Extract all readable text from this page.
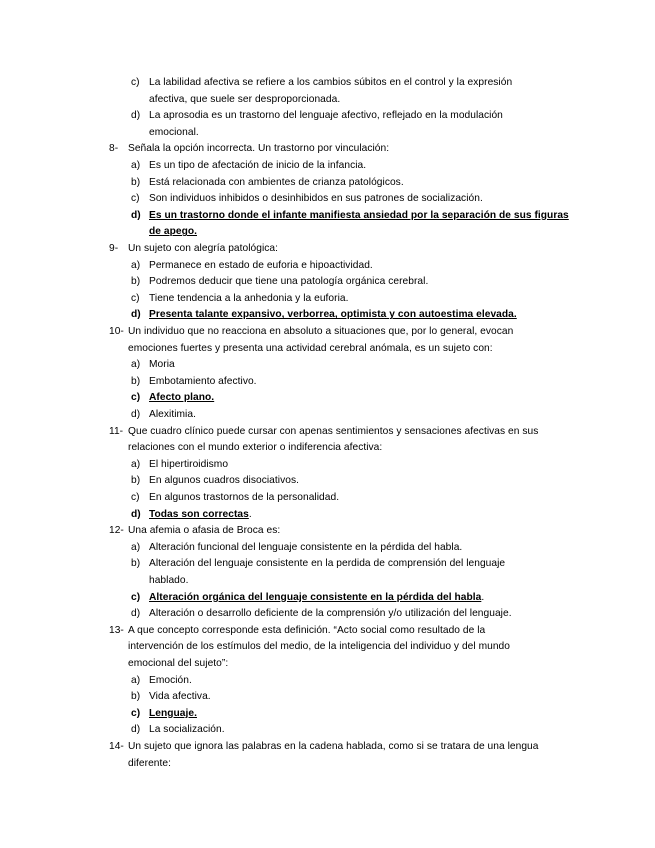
c) La labilidad afectiva se refiere a los cambios súbitos en el control y la expresión
afectiva, que suele ser desproporcionada.
d) La aprosodia es un trastorno del lenguaje afectivo, reflejado en la modulación
emocional.
8- Señala la opción incorrecta. Un trastorno por vinculación:
a) Es un tipo de afectación de inicio de la infancia.
b) Está relacionada con ambientes de crianza patológicos.
c) Son individuos inhibidos o desinhibidos en sus patrones de socialización.
d) Es un trastorno donde el infante manifiesta ansiedad por la separación de sus figuras
de apego.
9- Un sujeto con alegría patológica:
a) Permanece en estado de euforia e hipoactividad.
b) Podremos deducir que tiene una patología orgánica cerebral.
c) Tiene tendencia a la anhedonia y la euforia.
d) Presenta talante expansivo, verborrea, optimista y con autoestima elevada.
10- Un individuo que no reacciona en absoluto a situaciones que, por lo general, evocan
emociones fuertes y presenta una actividad cerebral anómala, es un sujeto con:
a) Moria
b) Embotamiento afectivo.
c) Afecto plano.
d) Alexitimia.
11- Que cuadro clínico puede cursar con apenas sentimientos y sensaciones afectivas en sus
relaciones con el mundo exterior o indiferencia afectiva:
a) El hipertiroidismo
b) En algunos cuadros disociativos.
c) En algunos trastornos de la personalidad.
d) Todas son correctas.
12- Una afemia o afasia de Broca es:
a) Alteración funcional del lenguaje consistente en la pérdida del habla.
b) Alteración del lenguaje consistente en la perdida de comprensión del lenguaje
hablado.
c) Alteración orgánica del lenguaje consistente en la pérdida del habla.
d) Alteración o desarrollo deficiente de la comprensión y/o utilización del lenguaje.
13- A que concepto corresponde esta definición. “Acto social como resultado de la
intervención de los estímulos del medio, de la inteligencia del individuo y del mundo
emocional del sujeto”:
a) Emoción.
b) Vida afectiva.
c) Lenguaje.
d) La socialización.
14- Un sujeto que ignora las palabras en la cadena hablada, como si se tratara de una lengua
diferente:
